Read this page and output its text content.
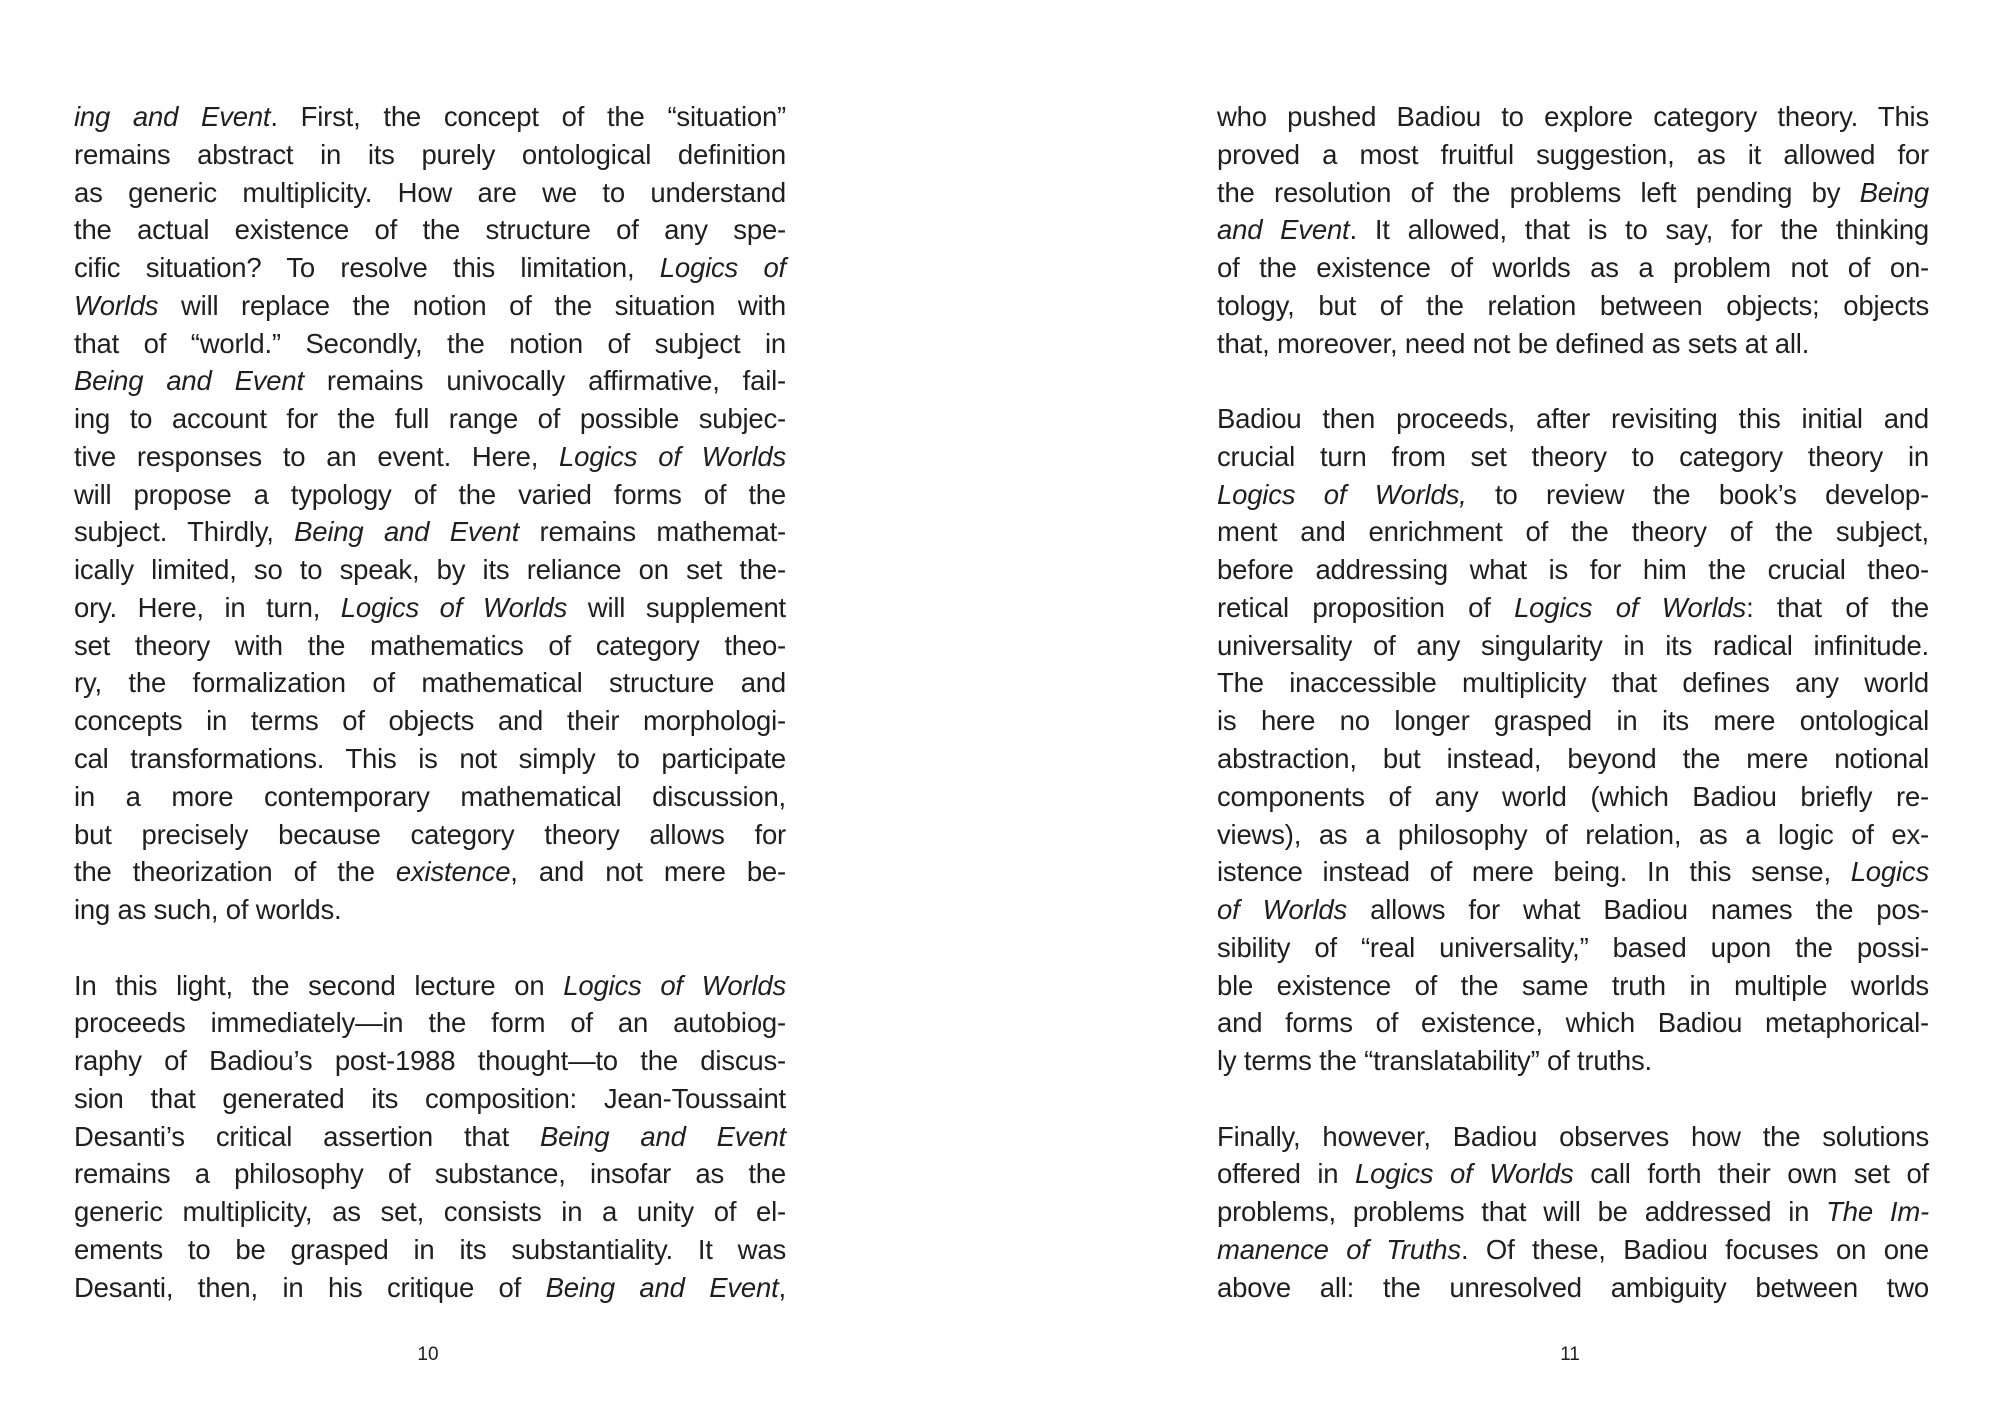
ing and Event. First, the concept of the “situation”
remains abstract in its purely ontological definition
as generic multiplicity. How are we to understand
the actual existence of the structure of any spe-
cific situation? To resolve this limitation, Logics of
Worlds will replace the notion of the situation with
that of “world.” Secondly, the notion of subject in
Being and Event remains univocally affirmative, fail-
ing to account for the full range of possible subjec-
tive responses to an event. Here, Logics of Worlds
will propose a typology of the varied forms of the
subject. Thirdly, Being and Event remains mathemat-
ically limited, so to speak, by its reliance on set the-
ory. Here, in turn, Logics of Worlds will supplement
set theory with the mathematics of category theo-
ry, the formalization of mathematical structure and
concepts in terms of objects and their morphologi-
cal transformations. This is not simply to participate
in a more contemporary mathematical discussion,
but precisely because category theory allows for
the theorization of the existence, and not mere be-
ing as such, of worlds.
In this light, the second lecture on Logics of Worlds
proceeds immediately—in the form of an autobiog-
raphy of Badiou’s post-1988 thought—to the discus-
sion that generated its composition: Jean-Toussaint
Desanti’s critical assertion that Being and Event
remains a philosophy of substance, insofar as the
generic multiplicity, as set, consists in a unity of el-
ements to be grasped in its substantiality. It was
Desanti, then, in his critique of Being and Event,
10
who pushed Badiou to explore category theory. This
proved a most fruitful suggestion, as it allowed for
the resolution of the problems left pending by Being
and Event. It allowed, that is to say, for the thinking
of the existence of worlds as a problem not of on-
tology, but of the relation between objects; objects
that, moreover, need not be defined as sets at all.
Badiou then proceeds, after revisiting this initial and
crucial turn from set theory to category theory in
Logics of Worlds, to review the book’s develop-
ment and enrichment of the theory of the subject,
before addressing what is for him the crucial theo-
retical proposition of Logics of Worlds: that of the
universality of any singularity in its radical infinitude.
The inaccessible multiplicity that defines any world
is here no longer grasped in its mere ontological
abstraction, but instead, beyond the mere notional
components of any world (which Badiou briefly re-
views), as a philosophy of relation, as a logic of ex-
istence instead of mere being. In this sense, Logics
of Worlds allows for what Badiou names the pos-
sibility of “real universality,” based upon the possi-
ble existence of the same truth in multiple worlds
and forms of existence, which Badiou metaphorical-
ly terms the “translatability” of truths.
Finally, however, Badiou observes how the solutions
offered in Logics of Worlds call forth their own set of
problems, problems that will be addressed in The Im-
manence of Truths. Of these, Badiou focuses on one
above all: the unresolved ambiguity between two
11
